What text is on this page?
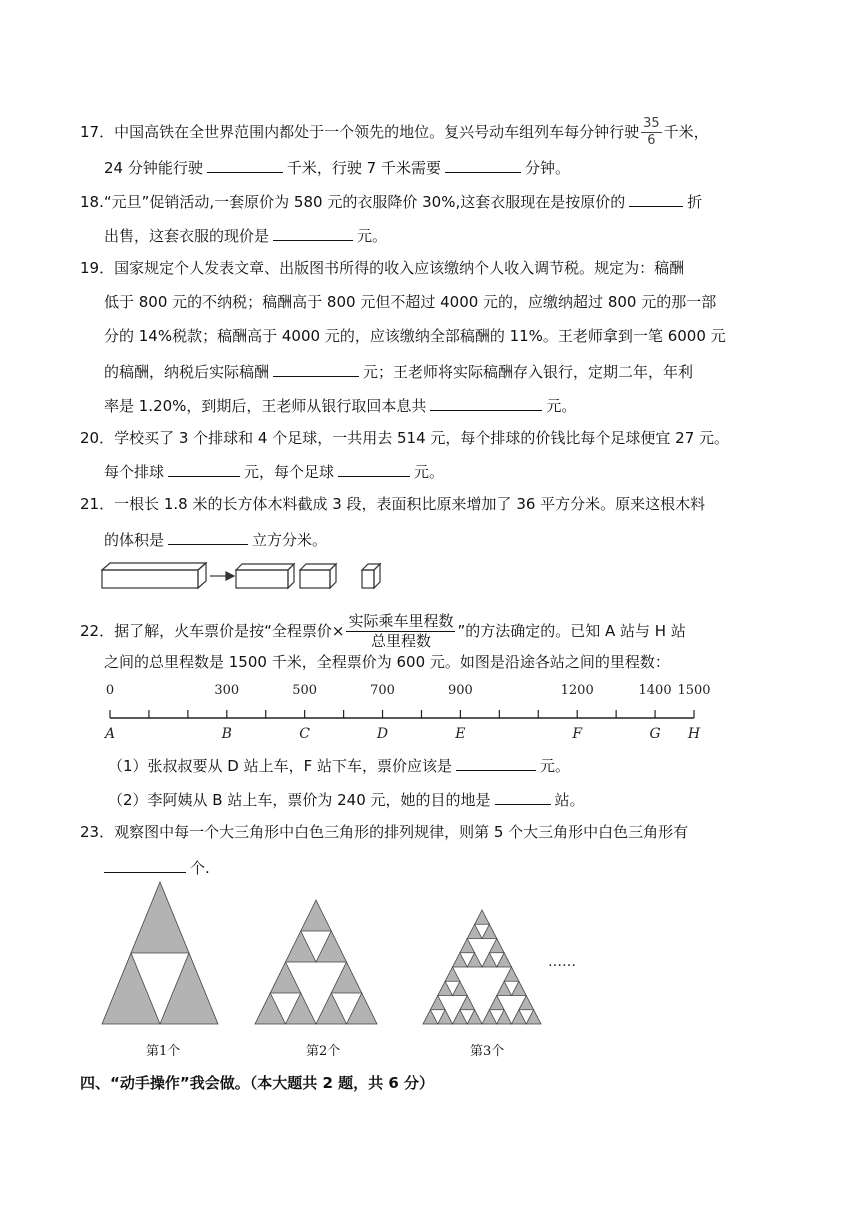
17．中国高铁在全世界范围内都处于一个领先的地位。复兴号动车组列车每分钟行驶 $\frac{35}{6}$ 千米，
24 分钟能行驶	千米，行驶 7 千米需要	分钟。
18.“元旦”促销活动,一套原价为 580 元的衣服降价 30%,这套衣服现在是按原价的	折
出售，这套衣服的现价是	元。
19．国家规定个人发表文章、出版图书所得的收入应该缴纳个人收入调节税。规定为：稿酬
低于 800 元的不纳税；稿酬高于 800 元但不超过 4000 元的，应缴纳超过 800 元的那一部
分的 14%税款；稿酬高于 4000 元的，应该缴纳全部稿酬的 11%。王老师拿到一笔 6000 元
的稿酬，纳税后实际稿酬	元；王老师将实际稿酬存入银行，定期二年，年利
率是 1.20%，到期后，王老师从银行取回本息共	元。
20．学校买了 3 个排球和 4 个足球，一共用去 514 元，每个排球的价钱比每个足球便宜 27 元。
每个排球	元，每个足球	元。
21．一根长 1.8 米的长方体木料截成 3 段，表面积比原来增加了 36 平方分米。原来这根木料
的体积是	立方分米。
22．据了解，火车票价是按“全程票价× $\frac{\text{实际乘车里程数}}{\text{总里程数}}$ ”的方法确定的。已知 A 站与 H 站
之间的总里程数是 1500 千米，全程票价为 600 元。如图是沿途各站之间的里程数：
0	300	500	700	900	1200	1400 1500
A	B	C	D	E	F	G H
（1）张叔叔要从 D 站上车，F 站下车，票价应该是	元。
（2）李阿姨从 B 站上车，票价为 240 元，她的目的地是	站。
23．观察图中每一个大三角形中白色三角形的排列规律，则第 5 个大三角形中白色三角形有
个.
……
第1个	第2个	第3个
四、“动手操作”我会做。（本大题共 2 题，共 6 分）
